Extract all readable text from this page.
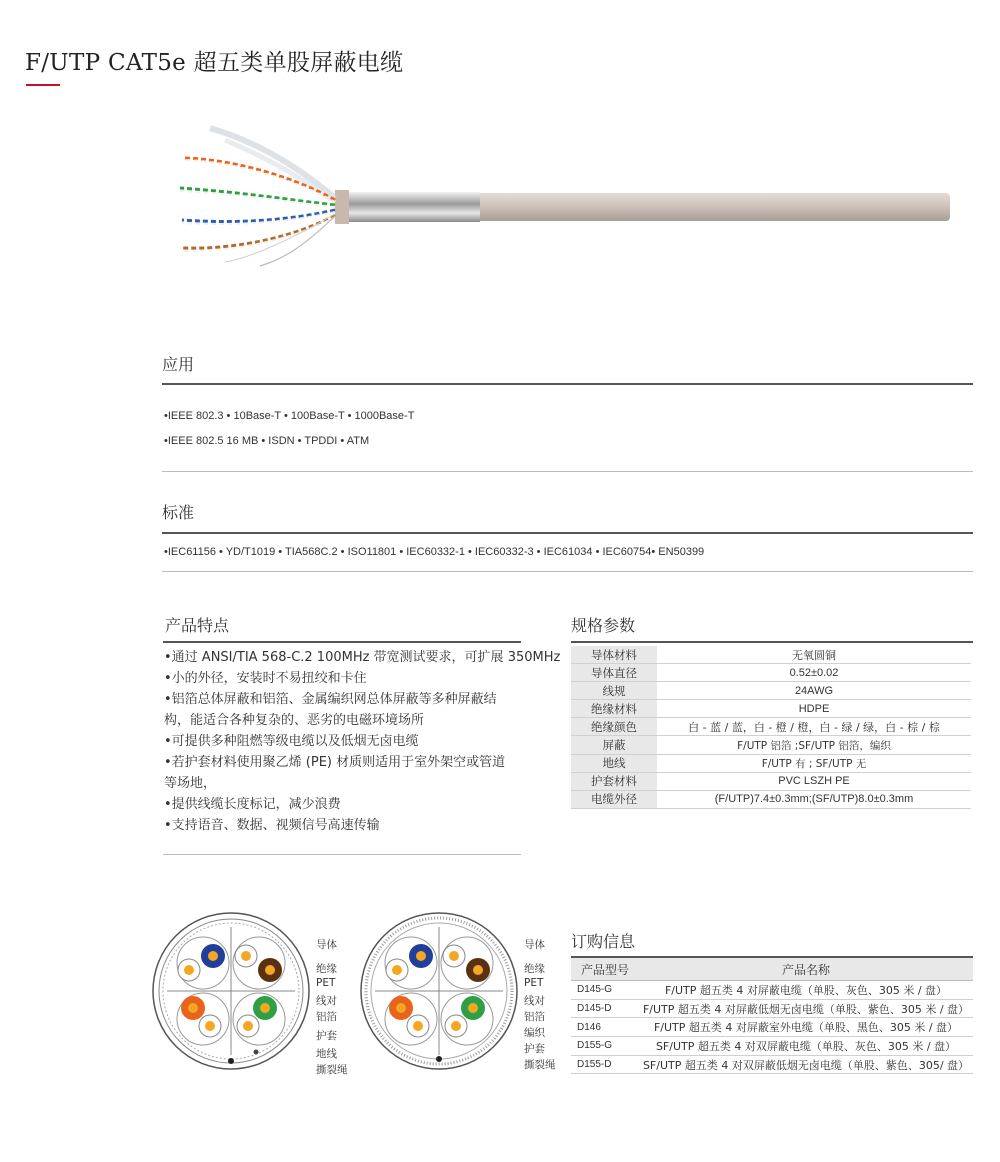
F/UTP CAT5e 超五类单股屏蔽电缆
应用
•IEEE 802.3 • 10Base-T • 100Base-T • 1000Base-T
•IEEE 802.5 16 MB • ISDN • TPDDI • ATM
标准
•IEC61156 • YD/T1019 • TIA568C.2 • ISO11801 • IEC60332-1 • IEC60332-3 • IEC61034 • IEC60754• EN50399
产品特点
•通过 ANSI/TIA 568-C.2 100MHz 带宽测试要求，可扩展 350MHz
•小的外径，安装时不易扭绞和卡住
•铝箔总体屏蔽和铝箔、金属编织网总体屏蔽等多种屏蔽结
构，能适合各种复杂的、恶劣的电磁环境场所
•可提供多种阻燃等级电缆以及低烟无卤电缆
•若护套材料使用聚乙烯 (PE) 材质则适用于室外架空或管道
等场地，
•提供线缆长度标记，减少浪费
•支持语音、数据、视频信号高速传输
规格参数
导体材料	无氧圆铜
导体直径	0.52±0.02
线规	24AWG
绝缘材料	HDPE
绝缘颜色	白 - 蓝 / 蓝，白 - 橙 / 橙，白 - 绿 / 绿，白 - 棕 / 棕
屏蔽	F/UTP 铝箔 ;SF/UTP 铝箔，编织
地线	F/UTP 有 ; SF/UTP 无
护套材料	PVC LSZH PE
电缆外径	(F/UTP)7.4±0.3mm;(SF/UTP)8.0±0.3mm
导体
绝缘
PET
线对
铝箔
护套
地线
撕裂绳
导体
绝缘
PET
线对
铝箔
编织
护套
撕裂绳
订购信息
产品型号	产品名称
D145-G	F/UTP 超五类 4 对屏蔽电缆（单股、灰色、305 米 / 盘）
D145-D	F/UTP 超五类 4 对屏蔽低烟无卤电缆（单股、紫色、305 米 / 盘）
D146	F/UTP 超五类 4 对屏蔽室外电缆（单股、黑色、305 米 / 盘）
D155-G	SF/UTP 超五类 4 对双屏蔽电缆（单股、灰色、305 米 / 盘）
D155-D	SF/UTP 超五类 4 对双屏蔽低烟无卤电缆（单股、紫色、305/ 盘）
